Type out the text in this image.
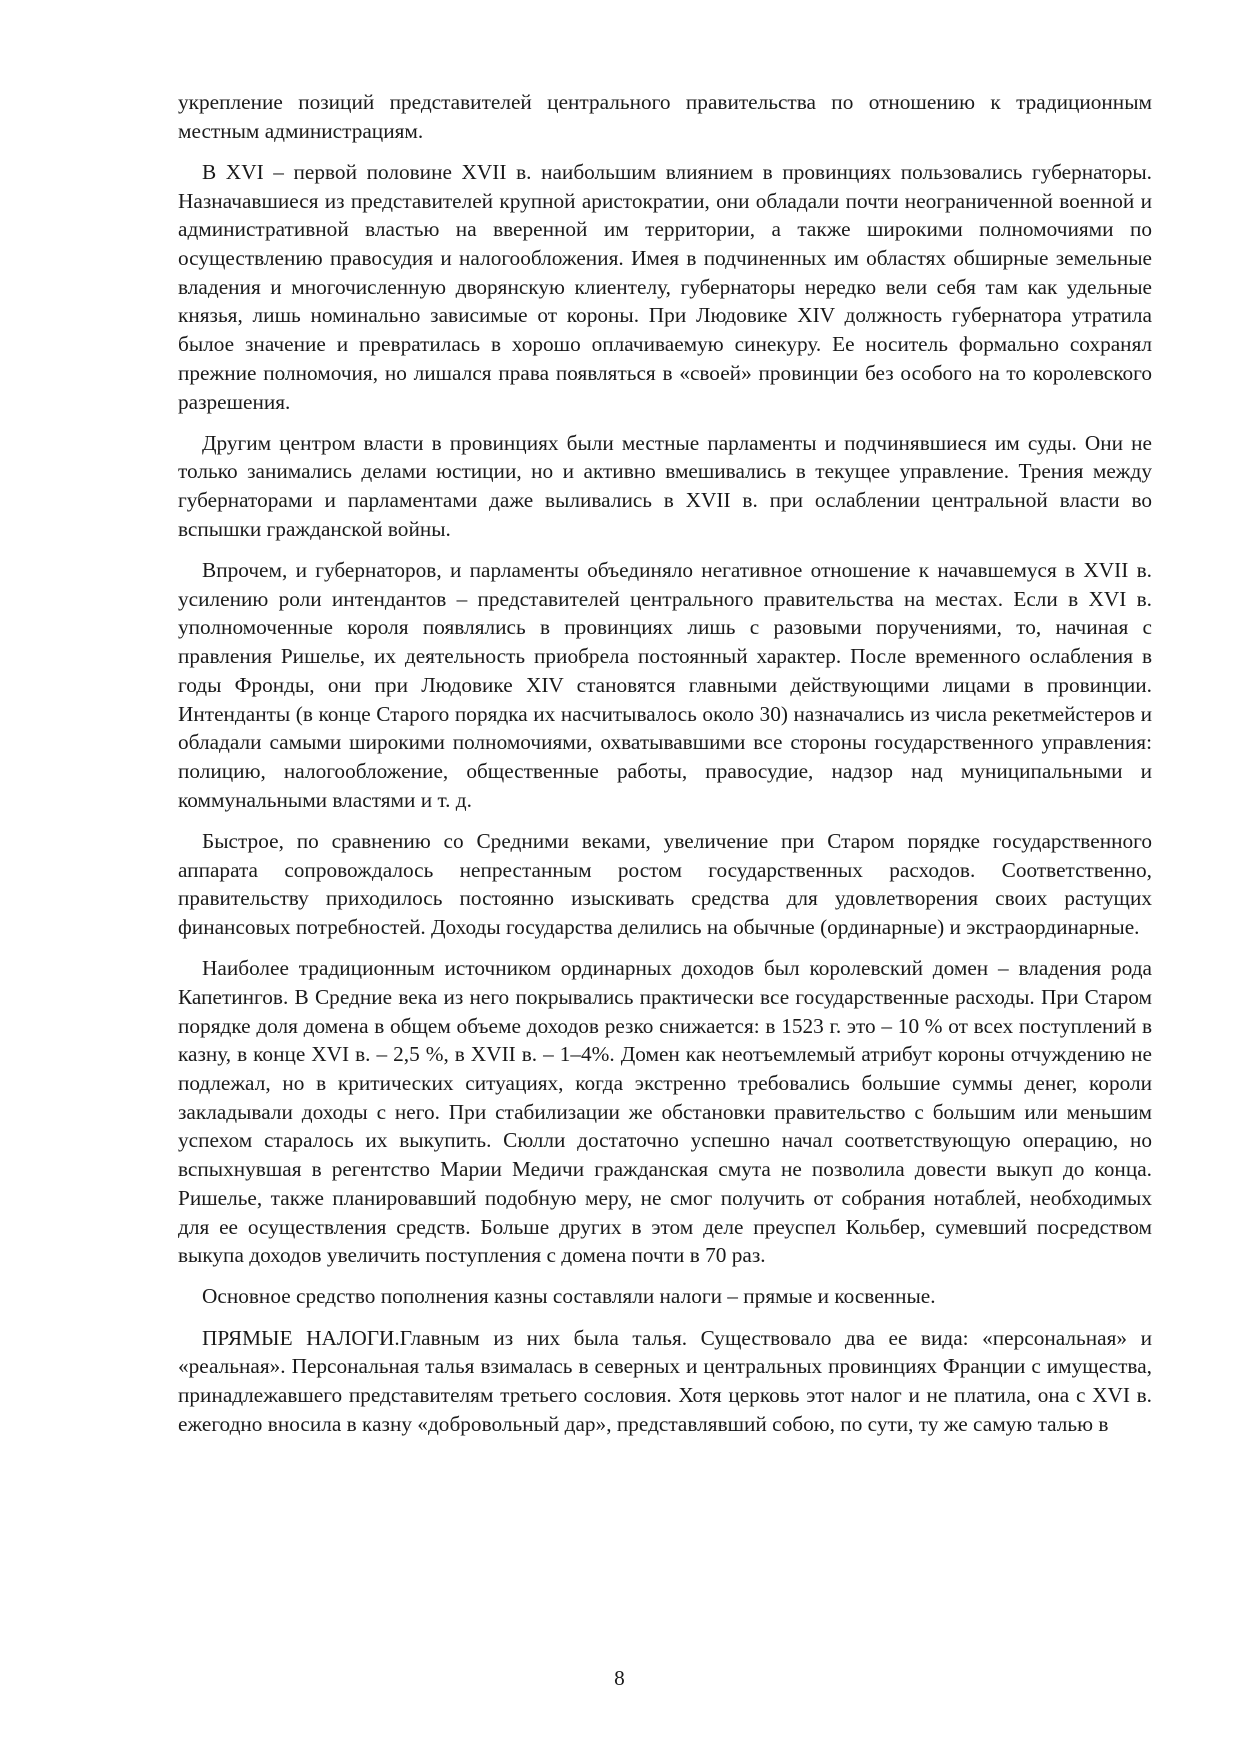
укрепление позиций представителей центрального правительства по отношению к традиционным местным администрациям.

В XVI – первой половине XVII в. наибольшим влиянием в провинциях пользовались губернаторы. Назначавшиеся из представителей крупной аристократии, они обладали почти неограниченной военной и административной властью на вверенной им территории, а также широкими полномочиями по осуществлению правосудия и налогообложения. Имея в подчиненных им областях обширные земельные владения и многочисленную дворянскую клиентелу, губернаторы нередко вели себя там как удельные князья, лишь номинально зависимые от короны. При Людовике XIV должность губернатора утратила былое значение и превратилась в хорошо оплачиваемую синекуру. Ее носитель формально сохранял прежние полномочия, но лишался права появляться в «своей» провинции без особого на то королевского разрешения.

Другим центром власти в провинциях были местные парламенты и подчинявшиеся им суды. Они не только занимались делами юстиции, но и активно вмешивались в текущее управление. Трения между губернаторами и парламентами даже выливались в XVII в. при ослаблении центральной власти во вспышки гражданской войны.

Впрочем, и губернаторов, и парламенты объединяло негативное отношение к начавшемуся в XVII в. усилению роли интендантов – представителей центрального правительства на местах. Если в XVI в. уполномоченные короля появлялись в провинциях лишь с разовыми поручениями, то, начиная с правления Ришелье, их деятельность приобрела постоянный характер. После временного ослабления в годы Фронды, они при Людовике XIV становятся главными действующими лицами в провинции. Интенданты (в конце Старого порядка их насчитывалось около 30) назначались из числа рекетмейстеров и обладали самыми широкими полномочиями, охватывавшими все стороны государственного управления: полицию, налогообложение, общественные работы, правосудие, надзор над муниципальными и коммунальными властями и т. д.

Быстрое, по сравнению со Средними веками, увеличение при Старом порядке государственного аппарата сопровождалось непрестанным ростом государственных расходов. Соответственно, правительству приходилось постоянно изыскивать средства для удовлетворения своих растущих финансовых потребностей. Доходы государства делились на обычные (ординарные) и экстраординарные.

Наиболее традиционным источником ординарных доходов был королевский домен – владения рода Капетингов. В Средние века из него покрывались практически все государственные расходы. При Старом порядке доля домена в общем объеме доходов резко снижается: в 1523 г. это – 10 % от всех поступлений в казну, в конце XVI в. – 2,5 %, в XVII в. – 1–4%. Домен как неотъемлемый атрибут короны отчуждению не подлежал, но в критических ситуациях, когда экстренно требовались большие суммы денег, короли закладывали доходы с него. При стабилизации же обстановки правительство с большим или меньшим успехом старалось их выкупить. Сюлли достаточно успешно начал соответствующую операцию, но вспыхнувшая в регентство Марии Медичи гражданская смута не позволила довести выкуп до конца. Ришелье, также планировавший подобную меру, не смог получить от собрания нотаблей, необходимых для ее осуществления средств. Больше других в этом деле преуспел Кольбер, сумевший посредством выкупа доходов увеличить поступления с домена почти в 70 раз.

Основное средство пополнения казны составляли налоги – прямые и косвенные.

ПРЯМЫЕ НАЛОГИ.Главным из них была талья. Существовало два ее вида: «персональная» и «реальная». Персональная талья взималась в северных и центральных провинциях Франции с имущества, принадлежавшего представителям третьего сословия. Хотя церковь этот налог и не платила, она с XVI в. ежегодно вносила в казну «добровольный дар», представлявший собою, по сути, ту же самую талью в

8
